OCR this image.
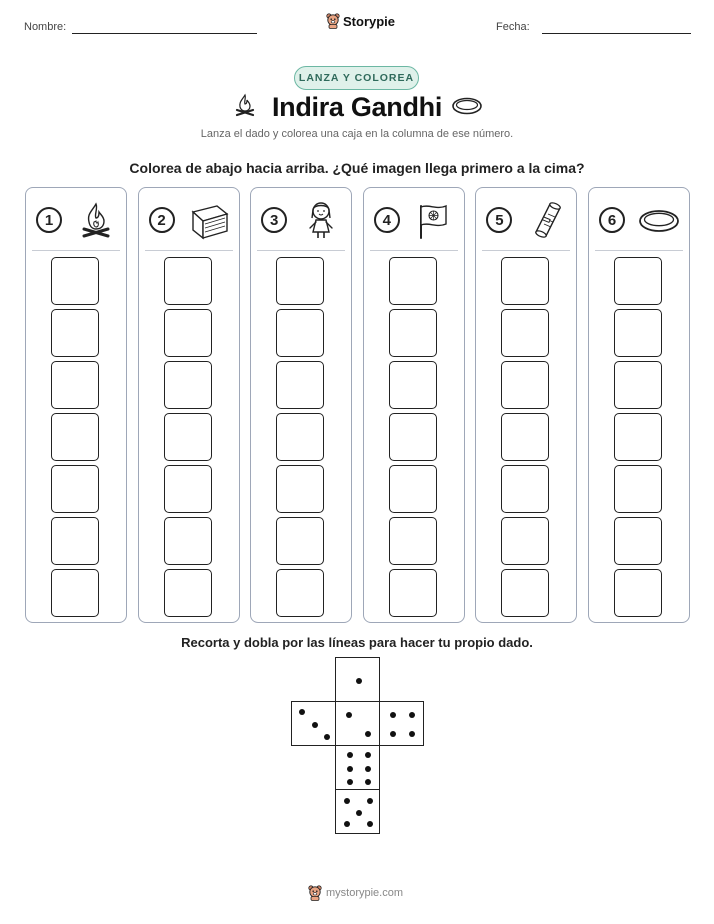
Nombre:	Storypie	Fecha:
LANZA Y COLOREA
Indira Gandhi
Lanza el dado y colorea una caja en la columna de ese número.
Colorea de abajo hacia arriba. ¿Qué imagen llega primero a la cima?
1	2	3	4	5	6
Recorta y dobla por las líneas para hacer tu propio dado.
mystorypie.com
